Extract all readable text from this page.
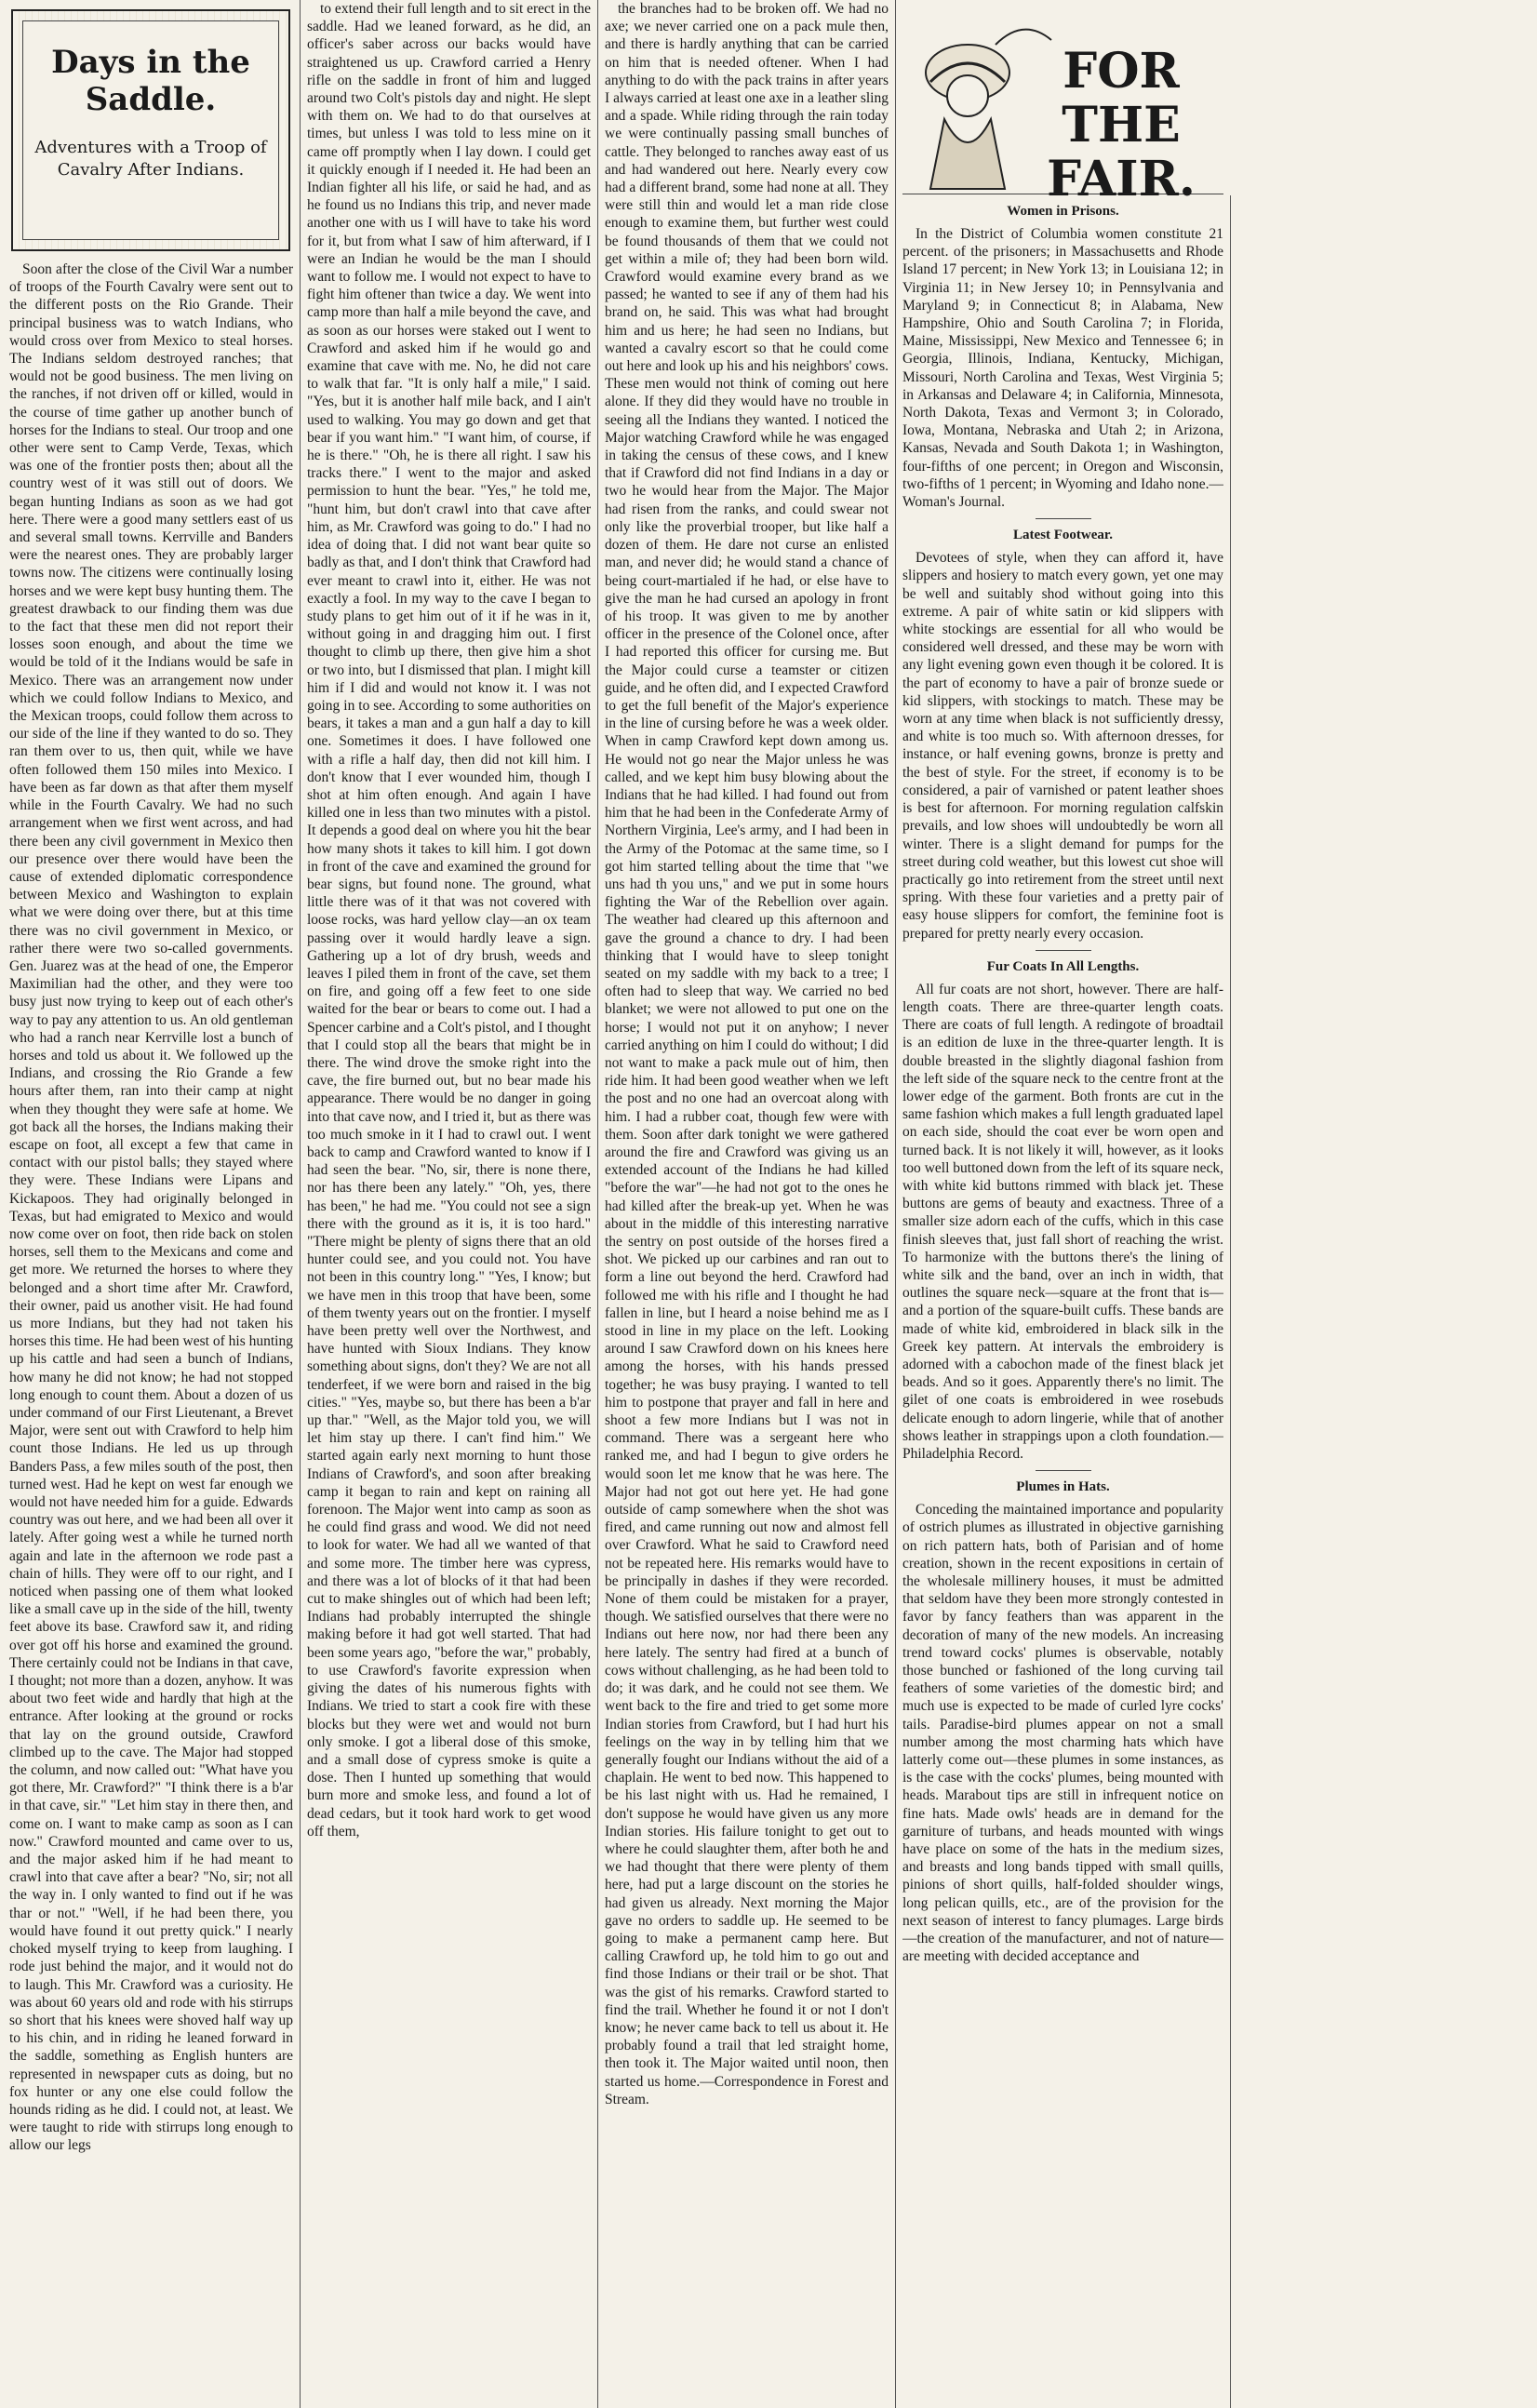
Days in the Saddle.
Adventures with a Troop of Cavalry After Indians.

Soon after the close of the Civil War a number of troops of the Fourth Cavalry were sent out to the different posts on the Rio Grande. Their principal business was to watch Indians, who would cross over from Mexico to steal horses. The Indians seldom destroyed ranches; that would not be good business. The men living on the ranches, if not driven off or killed, would in the course of time gather up another bunch of horses for the Indians to steal. Our troop and one other were sent to Camp Verde, Texas, which was one of the frontier posts then; about all the country west of it was still out of doors. We began hunting Indians as soon as we had got here. There were a good many settlers east of us and several small towns. Kerrville and Banders were the nearest ones. They are probably larger towns now. The citizens were continually losing horses and we were kept busy hunting them. The greatest drawback to our finding them was due to the fact that these men did not report their losses soon enough, and about the time we would be told of it the Indians would be safe in Mexico. There was an arrangement now under which we could follow Indians to Mexico, and the Mexican troops, could follow them across to our side of the line if they wanted to do so. They ran them over to us, then quit, while we have often followed them 150 miles into Mexico. I have been as far down as that after them myself while in the Fourth Cavalry. We had no such arrangement when we first went across, and had there been any civil government in Mexico then our presence over there would have been the cause of extended diplomatic correspondence between Mexico and Washington to explain what we were doing over there, but at this time there was no civil government in Mexico, or rather there were two so-called governments. Gen. Juarez was at the head of one, the Emperor Maximilian had the other, and they were too busy just now trying to keep out of each other's way to pay any attention to us. An old gentleman who had a ranch near Kerrville lost a bunch of horses and told us about it. We followed up the Indians, and crossing the Rio Grande a few hours after them, ran into their camp at night when they thought they were safe at home. We got back all the horses, the Indians making their escape on foot, all except a few that came in contact with our pistol balls; they stayed where they were. These Indians were Lipans and Kickapoos. They had originally belonged in Texas, but had emigrated to Mexico and would now come over on foot, then ride back on stolen horses, sell them to the Mexicans and come and get more. We returned the horses to where they belonged and a short time after Mr. Crawford, their owner, paid us another visit. He had found us more Indians, but they had not taken his horses this time. He had been west of his hunting up his cattle and had seen a bunch of Indians, how many he did not know; he had not stopped long enough to count them. About a dozen of us under command of our First Lieutenant, a Brevet Major, were sent out with Crawford to help him count those Indians. He led us up through Banders Pass, a few miles south of the post, then turned west. Had he kept on west far enough we would not have needed him for a guide. Edwards country was out here, and we had been all over it lately. After going west a while he turned north again and late in the afternoon we rode past a chain of hills. They were off to our right, and I noticed when passing one of them what looked like a small cave up in the side of the hill, twenty feet above its base. Crawford saw it, and riding over got off his horse and examined the ground. There certainly could not be Indians in that cave, I thought; not more than a dozen, anyhow. It was about two feet wide and hardly that high at the entrance. After looking at the ground or rocks that lay on the ground outside, Crawford climbed up to the cave. The Major had stopped the column, and now called out: "What have you got there, Mr. Crawford?" "I think there is a b'ar in that cave, sir." "Let him stay in there then, and come on. I want to make camp as soon as I can now." Crawford mounted and came over to us, and the major asked him if he had meant to crawl into that cave after a bear? "No, sir; not all the way in. I only wanted to find out if he was thar or not." "Well, if he had been there, you would have found it out pretty quick." I nearly choked myself trying to keep from laughing. I rode just behind the major, and it would not do to laugh. This Mr. Crawford was a curiosity. He was about 60 years old and rode with his stirrups so short that his knees were shoved half way up to his chin, and in riding he leaned forward in the saddle, something as English hunters are represented in newspaper cuts as doing, but no fox hunter or any one else could follow the hounds riding as he did. I could not, at least. We were taught to ride with stirrups long enough to allow our legs

to extend their full length and to sit erect in the saddle. Had we leaned forward, as he did, an officer's saber across our backs would have straightened us up. Crawford carried a Henry rifle on the saddle in front of him and lugged around two Colt's pistols day and night. He slept with them on. We had to do that ourselves at times, but unless I was told to less mine on it came off promptly when I lay down. I could get it quickly enough if I needed it. He had been an Indian fighter all his life, or said he had, and as he found us no Indians this trip, and never made another one with us I will have to take his word for it, but from what I saw of him afterward, if I were an Indian he would be the man I should want to follow me. I would not expect to have to fight him oftener than twice a day. We went into camp more than half a mile beyond the cave, and as soon as our horses were staked out I went to Crawford and asked him if he would go and examine that cave with me. No, he did not care to walk that far. "It is only half a mile," I said. "Yes, but it is another half mile back, and I ain't used to walking. You may go down and get that bear if you want him." "I want him, of course, if he is there." "Oh, he is there all right. I saw his tracks there." I went to the major and asked permission to hunt the bear. "Yes," he told me, "hunt him, but don't crawl into that cave after him, as Mr. Crawford was going to do." I had no idea of doing that. I did not want bear quite so badly as that, and I don't think that Crawford had ever meant to crawl into it, either. He was not exactly a fool. In my way to the cave I began to study plans to get him out of it if he was in it, without going in and dragging him out. I first thought to climb up there, then give him a shot or two into, but I dismissed that plan. I might kill him if I did and would not know it. I was not going in to see. According to some authorities on bears, it takes a man and a gun half a day to kill one. Sometimes it does. I have followed one with a rifle a half day, then did not kill him. I don't know that I ever wounded him, though I shot at him often enough. And again I have killed one in less than two minutes with a pistol. It depends a good deal on where you hit the bear how many shots it takes to kill him. I got down in front of the cave and examined the ground for bear signs, but found none. The ground, what little there was of it that was not covered with loose rocks, was hard yellow clay—an ox team passing over it would hardly leave a sign. Gathering up a lot of dry brush, weeds and leaves I piled them in front of the cave, set them on fire, and going off a few feet to one side waited for the bear or bears to come out. I had a Spencer carbine and a Colt's pistol, and I thought that I could stop all the bears that might be in there. The wind drove the smoke right into the cave, the fire burned out, but no bear made his appearance. There would be no danger in going into that cave now, and I tried it, but as there was too much smoke in it I had to crawl out. I went back to camp and Crawford wanted to know if I had seen the bear. "No, sir, there is none there, nor has there been any lately." "Oh, yes, there has been," he had me. "You could not see a sign there with the ground as it is, it is too hard." "There might be plenty of signs there that an old hunter could see, and you could not. You have not been in this country long." "Yes, I know; but we have men in this troop that have been, some of them twenty years out on the frontier. I myself have been pretty well over the Northwest, and have hunted with Sioux Indians. They know something about signs, don't they? We are not all tenderfeet, if we were born and raised in the big cities." "Yes, maybe so, but there has been a b'ar up thar." "Well, as the Major told you, we will let him stay up there. I can't find him." We started again early next morning to hunt those Indians of Crawford's, and soon after breaking camp it began to rain and kept on raining all forenoon. The Major went into camp as soon as he could find grass and wood. We did not need to look for water. We had all we wanted of that and some more. The timber here was cypress, and there was a lot of blocks of it that had been cut to make shingles out of which had been left; Indians had probably interrupted the shingle making before it had got well started. That had been some years ago, "before the war," probably, to use Crawford's favorite expression when giving the dates of his numerous fights with Indians. We tried to start a cook fire with these blocks but they were wet and would not burn only smoke. I got a liberal dose of this smoke, and a small dose of cypress smoke is quite a dose. Then I hunted up something that would burn more and smoke less, and found a lot of dead cedars, but it took hard work to get wood off them,

the branches had to be broken off. We had no axe; we never carried one on a pack mule then, and there is hardly anything that can be carried on him that is needed oftener. When I had anything to do with the pack trains in after years I always carried at least one axe in a leather sling and a spade. While riding through the rain today we were continually passing small bunches of cattle. They belonged to ranches away east of us and had wandered out here. Nearly every cow had a different brand, some had none at all. They were still thin and would let a man ride close enough to examine them, but further west could be found thousands of them that we could not get within a mile of; they had been born wild. Crawford would examine every brand as we passed; he wanted to see if any of them had his brand on, he said. This was what had brought him and us here; he had seen no Indians, but wanted a cavalry escort so that he could come out here and look up his and his neighbors' cows. These men would not think of coming out here alone. If they did they would have no trouble in seeing all the Indians they wanted. I noticed the Major watching Crawford while he was engaged in taking the census of these cows, and I knew that if Crawford did not find Indians in a day or two he would hear from the Major. The Major had risen from the ranks, and could swear not only like the proverbial trooper, but like half a dozen of them. He dare not curse an enlisted man, and never did; he would stand a chance of being court-martialed if he had, or else have to give the man he had cursed an apology in front of his troop. It was given to me by another officer in the presence of the Colonel once, after I had reported this officer for cursing me. But the Major could curse a teamster or citizen guide, and he often did, and I expected Crawford to get the full benefit of the Major's experience in the line of cursing before he was a week older. When in camp Crawford kept down among us. He would not go near the Major unless he was called, and we kept him busy blowing about the Indians that he had killed. I had found out from him that he had been in the Confederate Army of Northern Virginia, Lee's army, and I had been in the Army of the Potomac at the same time, so I got him started telling about the time that "we uns had th you uns," and we put in some hours fighting the War of the Rebellion over again. The weather had cleared up this afternoon and gave the ground a chance to dry. I had been thinking that I would have to sleep tonight seated on my saddle with my back to a tree; I often had to sleep that way. We carried no bed blanket; we were not allowed to put one on the horse; I would not put it on anyhow; I never carried anything on him I could do without; I did not want to make a pack mule out of him, then ride him. It had been good weather when we left the post and no one had an overcoat along with him. I had a rubber coat, though few were with them. Soon after dark tonight we were gathered around the fire and Crawford was giving us an extended account of the Indians he had killed "before the war"—he had not got to the ones he had killed after the break-up yet. When he was about in the middle of this interesting narrative the sentry on post outside of the horses fired a shot. We picked up our carbines and ran out to form a line out beyond the herd. Crawford had followed me with his rifle and I thought he had fallen in line, but I heard a noise behind me as I stood in line in my place on the left. Looking around I saw Crawford down on his knees here among the horses, with his hands pressed together; he was busy praying. I wanted to tell him to postpone that prayer and fall in here and shoot a few more Indians but I was not in command. There was a sergeant here who ranked me, and had I begun to give orders he would soon let me know that he was here. The Major had not got out here yet. He had gone outside of camp somewhere when the shot was fired, and came running out now and almost fell over Crawford. What he said to Crawford need not be repeated here. His remarks would have to be principally in dashes if they were recorded. None of them could be mistaken for a prayer, though. We satisfied ourselves that there were no Indians out here now, nor had there been any here lately. The sentry had fired at a bunch of cows without challenging, as he had been told to do; it was dark, and he could not see them. We went back to the fire and tried to get some more Indian stories from Crawford, but I had hurt his feelings on the way in by telling him that we generally fought our Indians without the aid of a chaplain. He went to bed now. This happened to be his last night with us. Had he remained, I don't suppose he would have given us any more Indian stories. His failure tonight to get out to where he could slaughter them, after both he and we had thought that there were plenty of them here, had put a large discount on the stories he had given us already. Next morning the Major gave no orders to saddle up. He seemed to be going to make a permanent camp here. But calling Crawford up, he told him to go out and find those Indians or their trail or be shot. That was the gist of his remarks. Crawford started to find the trail. Whether he found it or not I don't know; he never came back to tell us about it. He probably found a trail that led straight home, then took it. The Major waited until noon, then started us home.—Correspondence in Forest and Stream.

FOR THE FAIR.
Women in Prisons.

In the District of Columbia women constitute 21 percent. of the prisoners; in Massachusetts and Rhode Island 17 percent; in New York 13; in Louisiana 12; in Virginia 11; in New Jersey 10; in Pennsylvania and Maryland 9; in Connecticut 8; in Alabama, New Hampshire, Ohio and South Carolina 7; in Florida, Maine, Mississippi, New Mexico and Tennessee 6; in Georgia, Illinois, Indiana, Kentucky, Michigan, Missouri, North Carolina and Texas, West Virginia 5; in Arkansas and Delaware 4; in California, Minnesota, North Dakota, Texas and Vermont 3; in Colorado, Iowa, Montana, Nebraska and Utah 2; in Arizona, Kansas, Nevada and South Dakota 1; in Washington, four-fifths of one percent; in Oregon and Wisconsin, two-fifths of 1 percent; in Wyoming and Idaho none.—Woman's Journal.

Latest Footwear.

Devotees of style, when they can afford it, have slippers and hosiery to match every gown, yet one may be well and suitably shod without going into this extreme. A pair of white satin or kid slippers with white stockings are essential for all who would be considered well dressed, and these may be worn with any light evening gown even though it be colored. It is the part of economy to have a pair of bronze suede or kid slippers, with stockings to match. These may be worn at any time when black is not sufficiently dressy, and white is too much so. With afternoon dresses, for instance, or half evening gowns, bronze is pretty and the best of style. For the street, if economy is to be considered, a pair of varnished or patent leather shoes is best for afternoon. For morning regulation calfskin prevails, and low shoes will undoubtedly be worn all winter. There is a slight demand for pumps for the street during cold weather, but this lowest cut shoe will practically go into retirement from the street until next spring. With these four varieties and a pretty pair of easy house slippers for comfort, the feminine foot is prepared for pretty nearly every occasion.

Fur Coats In All Lengths.

All fur coats are not short, however. There are half-length coats. There are three-quarter length coats. There are coats of full length. A redingote of broadtail is an edition de luxe in the three-quarter length. It is double breasted in the slightly diagonal fashion from the left side of the square neck to the centre front at the lower edge of the garment. Both fronts are cut in the same fashion which makes a full length graduated lapel on each side, should the coat ever be worn open and turned back. It is not likely it will, however, as it looks too well buttoned down from the left of its square neck, with white kid buttons rimmed with black jet. These buttons are gems of beauty and exactness. Three of a smaller size adorn each of the cuffs, which in this case finish sleeves that, just fall short of reaching the wrist. To harmonize with the buttons there's the lining of white silk and the band, over an inch in width, that outlines the square neck—square at the front that is—and a portion of the square-built cuffs. These bands are made of white kid, embroidered in black silk in the Greek key pattern. At intervals the embroidery is adorned with a cabochon made of the finest black jet beads. And so it goes. Apparently there's no limit. The gilet of one coats is embroidered in wee rosebuds delicate enough to adorn lingerie, while that of another shows leather in strappings upon a cloth foundation.—Philadelphia Record.

Plumes in Hats.

Conceding the maintained importance and popularity of ostrich plumes as illustrated in objective garnishing on rich pattern hats, both of Parisian and of home creation, shown in the recent expositions in certain of the wholesale millinery houses, it must be admitted that seldom have they been more strongly contested in favor by fancy feathers than was apparent in the decoration of many of the new models. An increasing trend toward cocks' plumes is observable, notably those bunched or fashioned of the long curving tail feathers of some varieties of the domestic bird; and much use is expected to be made of curled lyre cocks' tails. Paradise-bird plumes appear on not a small number among the most charming hats which have latterly come out—these plumes in some instances, as is the case with the cocks' plumes, being mounted with heads. Marabout tips are still in infrequent notice on fine hats. Made owls' heads are in demand for the garniture of turbans, and heads mounted with wings have place on some of the hats in the medium sizes, and breasts and long bands tipped with small quills, pinions of short quills, half-folded shoulder wings, long pelican quills, etc., are of the provision for the next season of interest to fancy plumages. Large birds—the creation of the manufacturer, and not of nature—are meeting with decided acceptance and
